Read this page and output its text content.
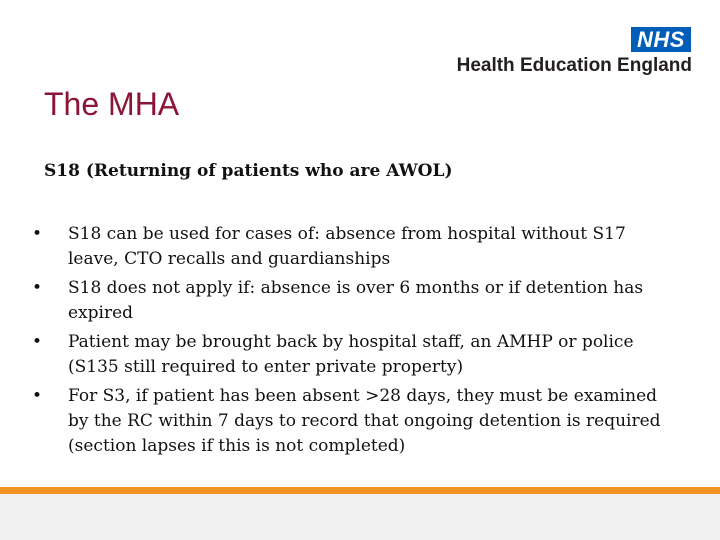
NHS
Health Education England
The MHA
S18 (Returning of patients who are AWOL)
• S18 can be used for cases of: absence from hospital without S17 leave, CTO recalls and guardianships
• S18 does not apply if: absence is over 6 months or if detention has expired
• Patient may be brought back by hospital staff, an AMHP or police (S135 still required to enter private property)
• For S3, if patient has been absent >28 days, they must be examined by the RC within 7 days to record that ongoing detention is required (section lapses if this is not completed)
